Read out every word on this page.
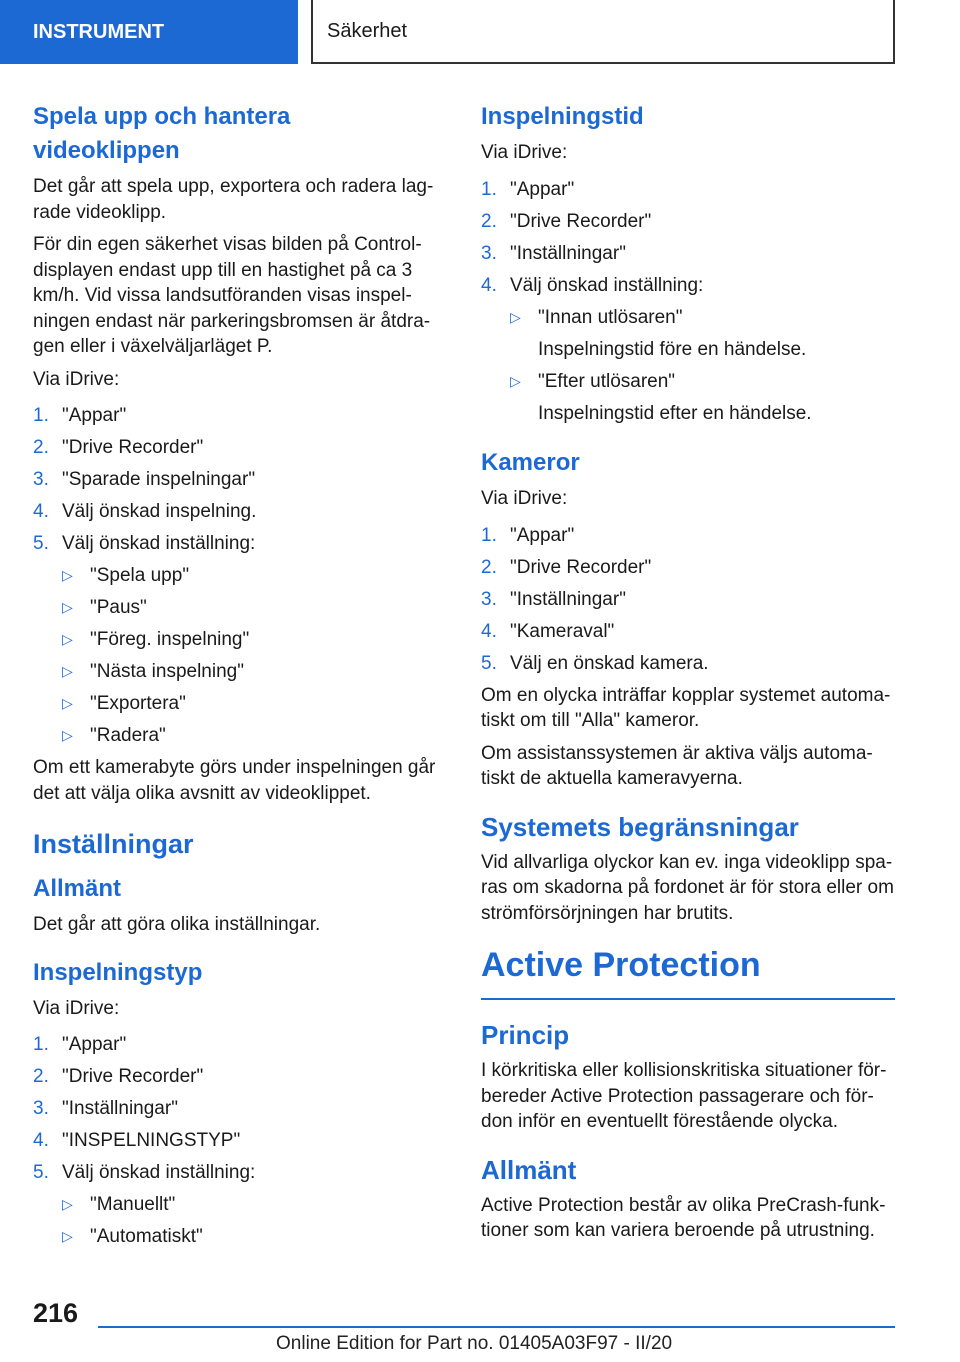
INSTRUMENT	Säkerhet
Spela upp och hantera videoklippen

Det går att spela upp, exportera och radera lag-rade videoklipp.

För din egen säkerhet visas bilden på Control-displayen endast upp till en hastighet på ca 3 km/h. Vid vissa landsutföranden visas inspel-ningen endast när parkeringsbromsen är åtdra-gen eller i växelväljarläget P.

Via iDrive:

1. "Appar"
2. "Drive Recorder"
3. "Sparade inspelningar"
4. Välj önskad inspelning.
5. Välj önskad inställning:
▷ "Spela upp"
▷ "Paus"
▷ "Föreg. inspelning"
▷ "Nästa inspelning"
▷ "Exportera"
▷ "Radera"

Om ett kamerabyte görs under inspelningen går det att välja olika avsnitt av videoklippet.

Inställningar
Allmänt

Det går att göra olika inställningar.

Inspelningstyp

Via iDrive:

1. "Appar"
2. "Drive Recorder"
3. "Inställningar"
4. "INSPELNINGSTYP"
5. Välj önskad inställning:
▷ "Manuellt"
▷ "Automatiskt"
Inspelningstid

Via iDrive:

1. "Appar"
2. "Drive Recorder"
3. "Inställningar"
4. Välj önskad inställning:
▷ "Innan utlösaren"
Inspelningstid före en händelse.
▷ "Efter utlösaren"
Inspelningstid efter en händelse.
Kameror

Via iDrive:

1. "Appar"
2. "Drive Recorder"
3. "Inställningar"
4. "Kameraval"
5. Välj en önskad kamera.

Om en olycka inträffar kopplar systemet automa-tiskt om till "Alla" kameror.

Om assistanssystemen är aktiva väljs automa-tiskt de aktuella kameravyerna.

Systemets begränsningar

Vid allvarliga olyckor kan ev. inga videoklipp spa-ras om skadorna på fordonet är för stora eller om strömförsörjningen har brutits.

Active Protection
Princip

I körkritiska eller kollisionskritiska situationer för-bereder Active Protection passagerare och för-don inför en eventuellt förestående olycka.

Allmänt

Active Protection består av olika PreCrash-funk-tioner som kan variera beroende på utrustning.

216
Online Edition for Part no. 01405A03F97 - II/20
